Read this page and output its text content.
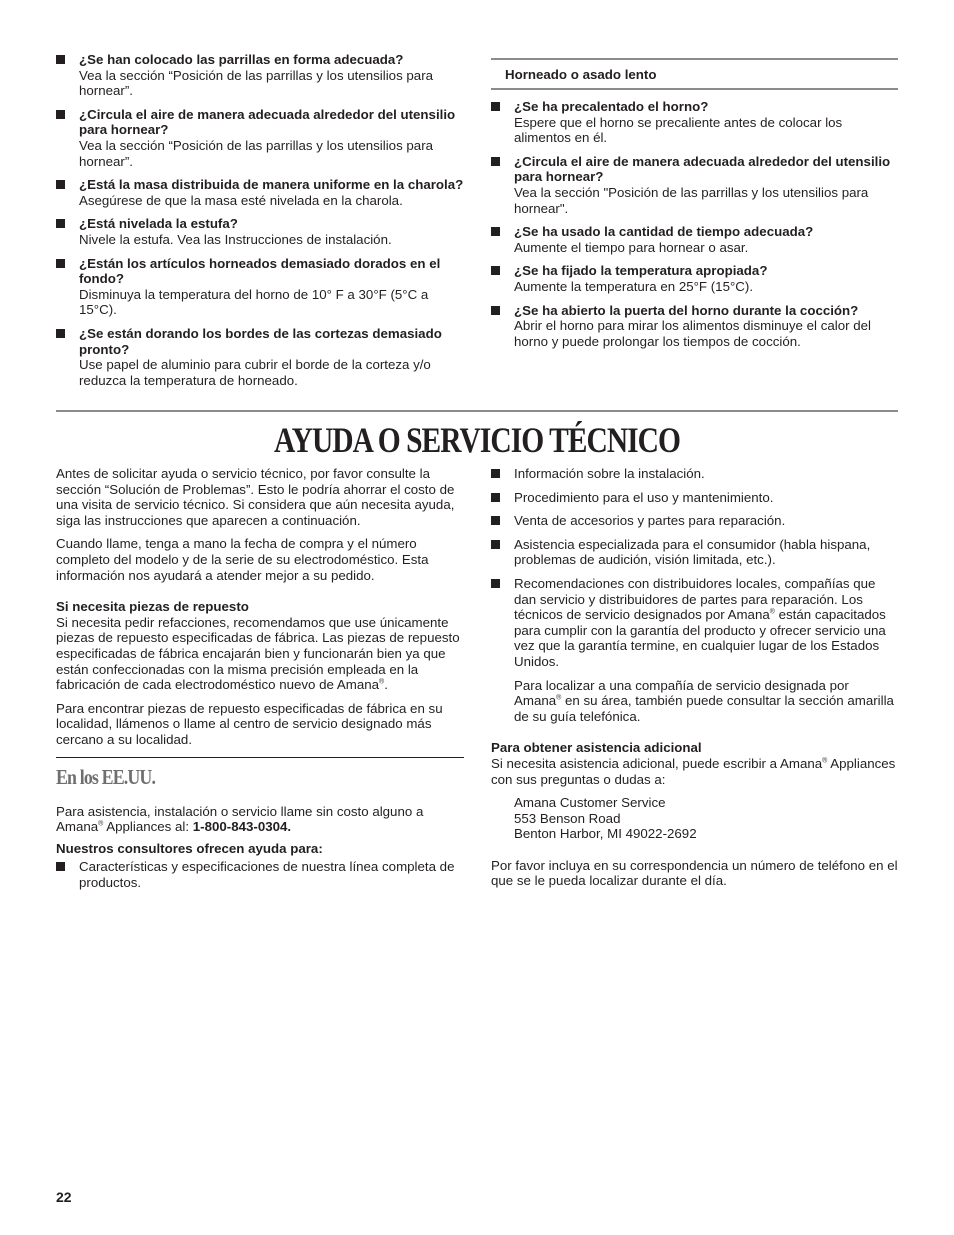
¿Se han colocado las parrillas en forma adecuada?
Vea la sección “Posición de las parrillas y los utensilios para hornear”.
¿Circula el aire de manera adecuada alrededor del utensilio para hornear?
Vea la sección “Posición de las parrillas y los utensilios para hornear”.
¿Está la masa distribuida de manera uniforme en la charola?
Asegúrese de que la masa esté nivelada en la charola.
¿Está nivelada la estufa?
Nivele la estufa. Vea las Instrucciones de instalación.
¿Están los artículos horneados demasiado dorados en el fondo?
Disminuya la temperatura del horno de 10° F a 30°F (5°C a 15°C).
¿Se están dorando los bordes de las cortezas demasiado pronto?
Use papel de aluminio para cubrir el borde de la corteza y/o reduzca la temperatura de horneado.
Horneado o asado lento
¿Se ha precalentado el horno?
Espere que el horno se precaliente antes de colocar los alimentos en él.
¿Circula el aire de manera adecuada alrededor del utensilio para hornear?
Vea la sección "Posición de las parrillas y los utensilios para hornear".
¿Se ha usado la cantidad de tiempo adecuada?
Aumente el tiempo para hornear o asar.
¿Se ha fijado la temperatura apropiada?
Aumente la temperatura en 25°F (15°C).
¿Se ha abierto la puerta del horno durante la cocción?
Abrir el horno para mirar los alimentos disminuye el calor del horno y puede prolongar los tiempos de cocción.
AYUDA O SERVICIO TÉCNICO

Antes de solicitar ayuda o servicio técnico, por favor consulte la sección “Solución de Problemas”. Esto le podría ahorrar el costo de una visita de servicio técnico. Si considera que aún necesita ayuda, siga las instrucciones que aparecen a continuación.

Cuando llame, tenga a mano la fecha de compra y el número completo del modelo y de la serie de su electrodoméstico. Esta información nos ayudará a atender mejor a su pedido.

Si necesita piezas de repuesto

Si necesita pedir refacciones, recomendamos que use únicamente piezas de repuesto especificadas de fábrica. Las piezas de repuesto especificadas de fábrica encajarán bien y funcionarán bien ya que están confeccionadas con la misma precisión empleada en la fabricación de cada electrodoméstico nuevo de Amana®.

Para encontrar piezas de repuesto especificadas de fábrica en su localidad, llámenos o llame al centro de servicio designado más cercano a su localidad.

En los EE.UU.

Para asistencia, instalación o servicio llame sin costo alguno a Amana® Appliances al: 1-800-843-0304.

Nuestros consultores ofrecen ayuda para:
Características y especificaciones de nuestra línea completa de productos.
Información sobre la instalación.
Procedimiento para el uso y mantenimiento.
Venta de accesorios y partes para reparación.
Asistencia especializada para el consumidor (habla hispana, problemas de audición, visión limitada, etc.).
Recomendaciones con distribuidores locales, compañías que dan servicio y distribuidores de partes para reparación. Los técnicos de servicio designados por Amana® están capacitados para cumplir con la garantía del producto y ofrecer servicio una vez que la garantía termine, en cualquier lugar de los Estados Unidos.

Para localizar a una compañía de servicio designada por Amana® en su área, también puede consultar la sección amarilla de su guía telefónica.

Para obtener asistencia adicional

Si necesita asistencia adicional, puede escribir a Amana® Appliances con sus preguntas o dudas a:

Amana Customer Service
553 Benson Road
Benton Harbor, MI 49022-2692

Por favor incluya en su correspondencia un número de teléfono en el que se le pueda localizar durante el día.

22
